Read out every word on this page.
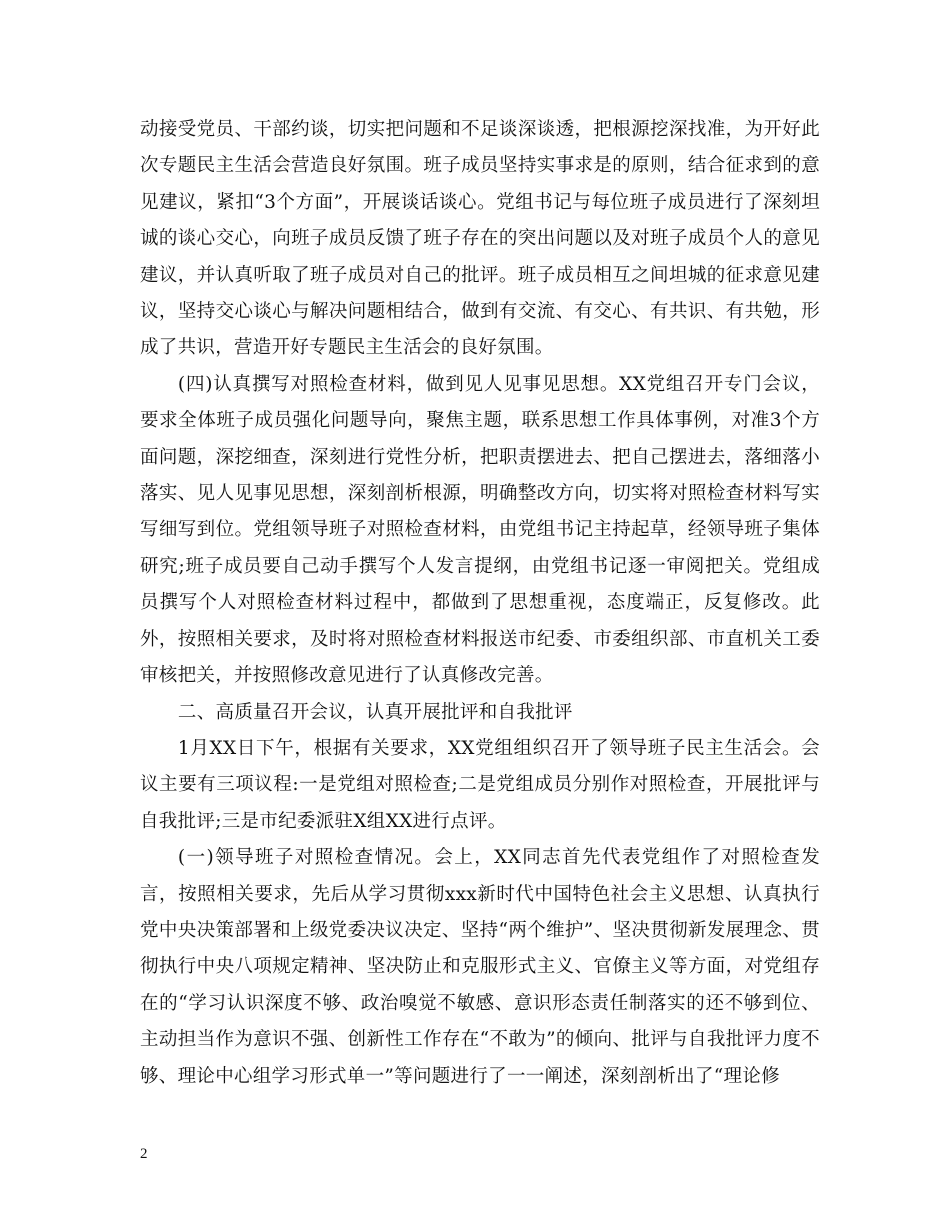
动接受党员、干部约谈，切实把问题和不足谈深谈透，把根源挖深找准，为开好此次专题民主生活会营造良好氛围。班子成员坚持实事求是的原则，结合征求到的意见建议，紧扣“3个方面”，开展谈话谈心。党组书记与每位班子成员进行了深刻坦诚的谈心交心，向班子成员反馈了班子存在的突出问题以及对班子成员个人的意见建议，并认真听取了班子成员对自己的批评。班子成员相互之间坦城的征求意见建议，坚持交心谈心与解决问题相结合，做到有交流、有交心、有共识、有共勉，形成了共识，营造开好专题民主生活会的良好氛围。

(四)认真撰写对照检查材料，做到见人见事见思想。XX党组召开专门会议，要求全体班子成员强化问题导向，聚焦主题，联系思想工作具体事例，对准3个方面问题，深挖细查，深刻进行党性分析，把职责摆进去、把自己摆进去，落细落小落实、见人见事见思想，深刻剖析根源，明确整改方向，切实将对照检查材料写实写细写到位。党组领导班子对照检查材料，由党组书记主持起草，经领导班子集体研究;班子成员要自己动手撰写个人发言提纲，由党组书记逐一审阅把关。党组成员撰写个人对照检查材料过程中，都做到了思想重视，态度端正，反复修改。此外，按照相关要求，及时将对照检查材料报送市纪委、市委组织部、市直机关工委审核把关，并按照修改意见进行了认真修改完善。

二、高质量召开会议，认真开展批评和自我批评

1月XX日下午，根据有关要求，XX党组组织召开了领导班子民主生活会。会议主要有三项议程:一是党组对照检查;二是党组成员分别作对照检查，开展批评与自我批评;三是市纪委派驻X组XX进行点评。

(一)领导班子对照检查情况。会上，XX同志首先代表党组作了对照检查发言，按照相关要求，先后从学习贯彻xxx新时代中国特色社会主义思想、认真执行党中央决策部署和上级党委决议决定、坚持“两个维护”、坚决贯彻新发展理念、贯彻执行中央八项规定精神、坚决防止和克服形式主义、官僚主义等方面，对党组存在的“学习认识深度不够、政治嗅觉不敏感、意识形态责任制落实的还不够到位、主动担当作为意识不强、创新性工作存在“不敢为”的倾向、批评与自我批评力度不够、理论中心组学习形式单一”等问题进行了一一阐述，深刻剖析出了“理论修

2
